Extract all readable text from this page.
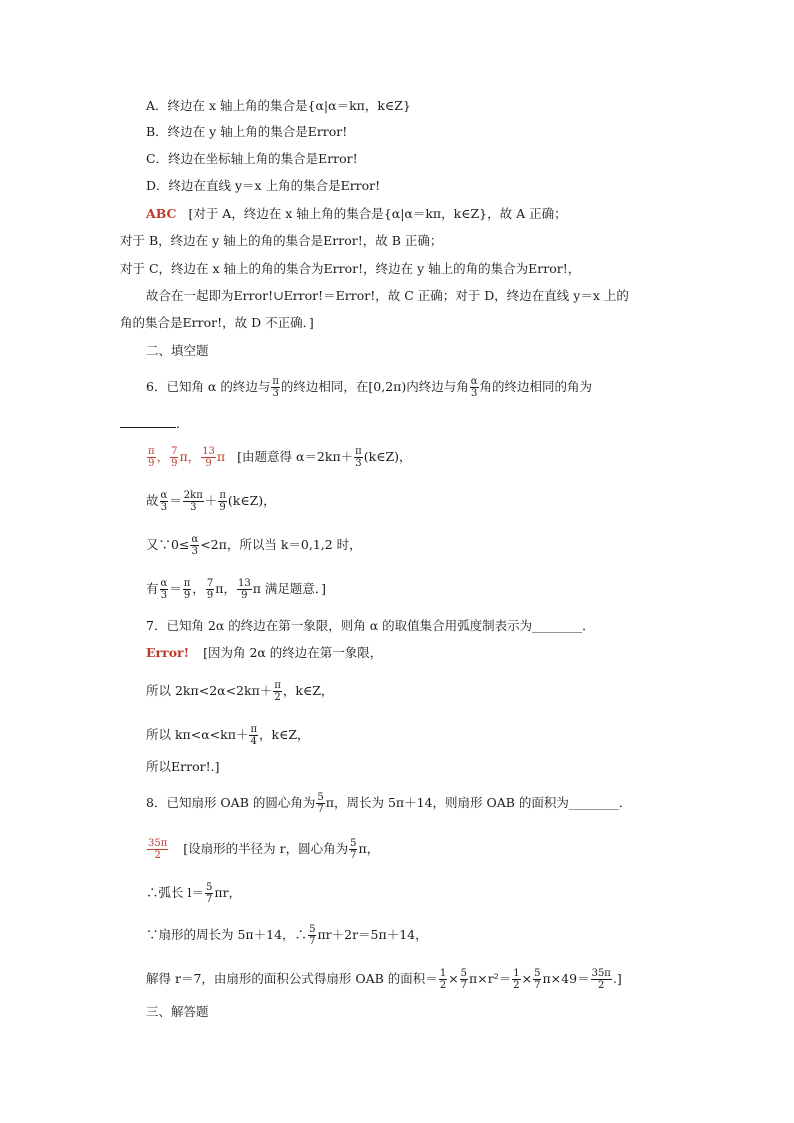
A．终边在 x 轴上角的集合是{α|α＝kπ，k∈Z}
B．终边在 y 轴上角的集合是Error!
C．终边在坐标轴上角的集合是Error!
D．终边在直线 y＝x 上角的集合是Error!
ABC [对于 A，终边在 x 轴上角的集合是{α|α＝kπ，k∈Z}，故 A 正确；
对于 B，终边在 y 轴上的角的集合是Error!，故 B 正确；
对于 C，终边在 x 轴上的角的集合为Error!，终边在 y 轴上的角的集合为Error!，
故合在一起即为Error!∪Error!＝Error!，故 C 正确；对于 D，终边在直线 y＝x 上的
角的集合是Error!，故 D 不正确．]
二、填空题
6．已知角 α 的终边与 $\frac{\pi}{3}$ 的终边相同，在[0,2π)内终边与角 $\frac{\alpha}{3}$ 角的终边相同的角为
．
$\frac{\pi}{9}$ ， $\frac{7}{9}$ π， $\frac{13}{9}$ π [由题意得 $\alpha=2k\pi+ \frac{\pi}{3}$ (k∈Z)，
故 $\frac{\alpha}{3} = \frac{2k\pi}{3} + \frac{\pi}{9}$ (k∈Z)，
又∵0≤ $\frac{\alpha}{3} <2\pi$，所以当 k＝0,1,2 时，
有 $\frac{\alpha}{3} = \frac{\pi}{9}$ ， $\frac{7}{9}$ π， $\frac{13}{9}$ π 满足题意．]
7．已知角 2α 的终边在第一象限，则角 α 的取值集合用弧度制表示为________．
Error! [因为角 2α 的终边在第一象限，
所以 $2k\pi<2\alpha<2k\pi+ \frac{\pi}{2}$ ，k∈Z，
所以 $k\pi<\alpha<k\pi+ \frac{\pi}{4}$ ，k∈Z，
所以Error!.]
8．已知扇形 OAB 的圆心角为 $\frac{5}{7}$ π，周长为 5π＋14，则扇形 OAB 的面积为________．
$\frac{35\pi}{2}$ [设扇形的半径为 r，圆心角为 $\frac{5}{7}$ π，
∴弧长 $l= \frac{5}{7}$ πr，
∵扇形的周长为 5π＋14，∴ $\frac{5}{7} \pi r+2r=5\pi+14$，
解得 r＝7，由扇形的面积公式得扇形 OAB 的面积＝ $\frac{1}{2} \times \frac{5}{7} \pi\times r^2= \frac{1}{2} \times \frac{5}{7} \pi\times 49= \frac{35\pi}{2}$ .]
三、解答题
